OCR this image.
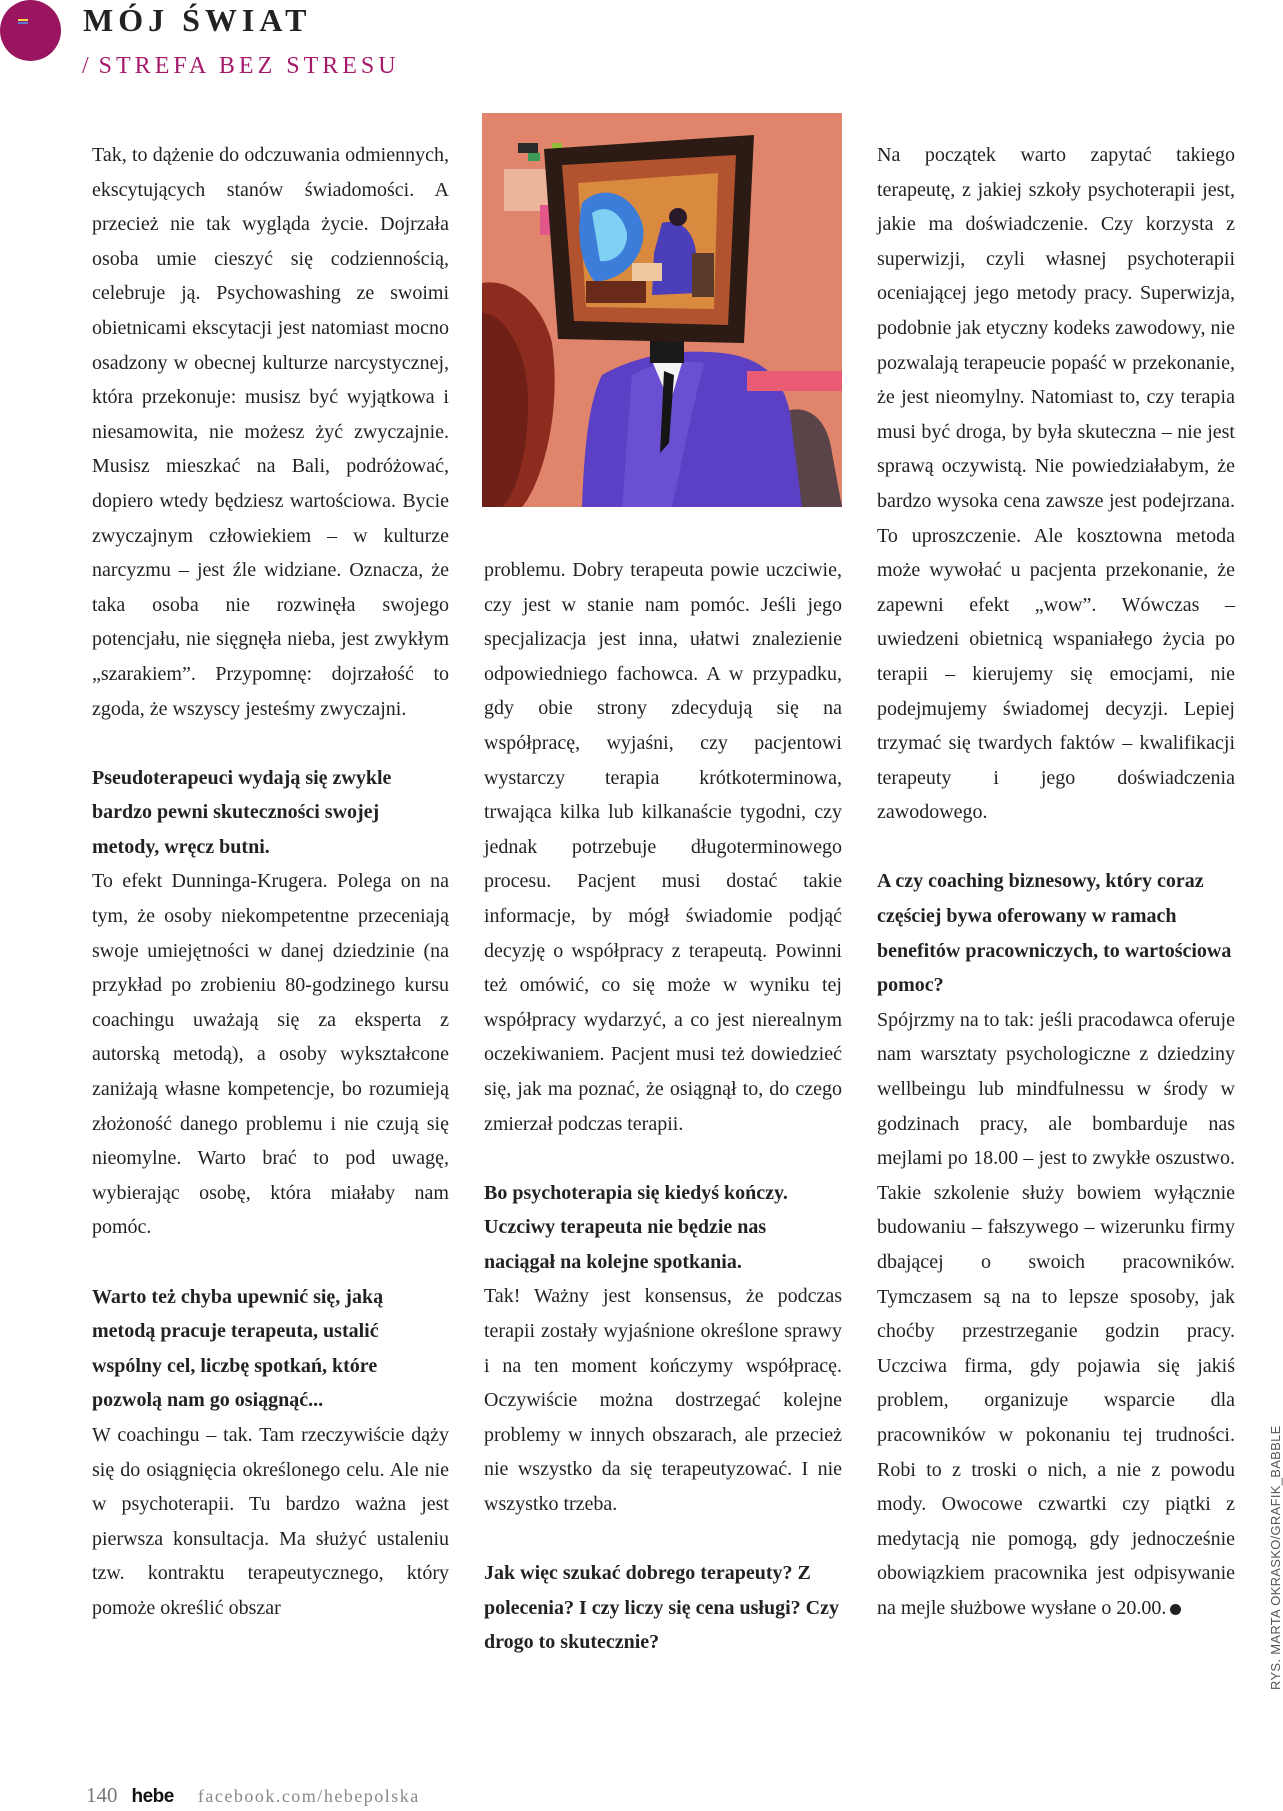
MÓJ ŚWIAT
/ STREFA BEZ STRESU

Tak, to dążenie do odczuwania odmiennych, ekscytujących stanów świadomości. A przecież nie tak wygląda życie. Dojrzała osoba umie cieszyć się codziennością, celebruje ją. Psychowashing ze swoimi obietnicami ekscytacji jest natomiast mocno osadzony w obecnej kulturze narcystycznej, która przekonuje: musisz być wyjątkowa i niesamowita, nie możesz żyć zwyczajnie. Musisz mieszkać na Bali, podróżować, dopiero wtedy będziesz wartościowa. Bycie zwyczajnym człowiekiem – w kulturze narcyzmu – jest źle widziane. Oznacza, że taka osoba nie rozwinęła swojego potencjału, nie sięgnęła nieba, jest zwykłym „szarakiem”. Przypomnę: dojrzałość to zgoda, że wszyscy jesteśmy zwyczajni.

Pseudoterapeuci wydają się zwykle bardzo pewni skuteczności swojej metody, wręcz butni.

To efekt Dunninga-Krugera. Polega on na tym, że osoby niekompetentne przeceniają swoje umiejętności w danej dziedzinie (na przykład po zrobieniu 80-godzinego kursu coachingu uważają się za eksperta z autorską metodą), a osoby wykształcone zaniżają własne kompetencje, bo rozumieją złożoność danego problemu i nie czują się nieomylne. Warto brać to pod uwagę, wybierając osobę, która miałaby nam pomóc.

Warto też chyba upewnić się, jaką metodą pracuje terapeuta, ustalić wspólny cel, liczbę spotkań, które pozwolą nam go osiągnąć...

W coachingu – tak. Tam rzeczywiście dąży się do osiągnięcia określonego celu. Ale nie w psychoterapii. Tu bardzo ważna jest pierwsza konsultacja. Ma służyć ustaleniu tzw. kontraktu terapeutycznego, który pomoże określić obszar

problemu. Dobry terapeuta powie uczciwie, czy jest w stanie nam pomóc. Jeśli jego specjalizacja jest inna, ułatwi znalezienie odpowiedniego fachowca. A w przypadku, gdy obie strony zdecydują się na współpracę, wyjaśni, czy pacjentowi wystarczy terapia krótkoterminowa, trwająca kilka lub kilkanaście tygodni, czy jednak potrzebuje długoterminowego procesu. Pacjent musi dostać takie informacje, by mógł świadomie podjąć decyzję o współpracy z terapeutą. Powinni też omówić, co się może w wyniku tej współpracy wydarzyć, a co jest nierealnym oczekiwaniem. Pacjent musi też dowiedzieć się, jak ma poznać, że osiągnął to, do czego zmierzał podczas terapii.

Bo psychoterapia się kiedyś kończy. Uczciwy terapeuta nie będzie nas naciągał na kolejne spotkania.

Tak! Ważny jest konsensus, że podczas terapii zostały wyjaśnione określone sprawy i na ten moment kończymy współpracę. Oczywiście można dostrzegać kolejne problemy w innych obszarach, ale przecież nie wszystko da się terapeutyzować. I nie wszystko trzeba.

Jak więc szukać dobrego terapeuty? Z polecenia? I czy liczy się cena usługi? Czy drogo to skutecznie?

Na początek warto zapytać takiego terapeutę, z jakiej szkoły psychoterapii jest, jakie ma doświadczenie. Czy korzysta z superwizji, czyli własnej psychoterapii oceniającej jego metody pracy. Superwizja, podobnie jak etyczny kodeks zawodowy, nie pozwalają terapeucie popaść w przekonanie, że jest nieomylny. Natomiast to, czy terapia musi być droga, by była skuteczna – nie jest sprawą oczywistą. Nie powiedziałabym, że bardzo wysoka cena zawsze jest podejrzana. To uproszczenie. Ale kosztowna metoda może wywołać u pacjenta przekonanie, że zapewni efekt „wow”. Wówczas – uwiedzeni obietnicą wspaniałego życia po terapii – kierujemy się emocjami, nie podejmujemy świadomej decyzji. Lepiej trzymać się twardych faktów – kwalifikacji terapeuty i jego doświadczenia zawodowego.

A czy coaching biznesowy, który coraz częściej bywa oferowany w ramach benefitów pracowniczych, to wartościowa pomoc?

Spójrzmy na to tak: jeśli pracodawca oferuje nam warsztaty psychologiczne z dziedziny wellbeingu lub mindfulnessu w środy w godzinach pracy, ale bombarduje nas mejlami po 18.00 – jest to zwykłe oszustwo. Takie szkolenie służy bowiem wyłącznie budowaniu – fałszywego – wizerunku firmy dbającej o swoich pracowników. Tymczasem są na to lepsze sposoby, jak choćby przestrzeganie godzin pracy. Uczciwa firma, gdy pojawia się jakiś problem, organizuje wsparcie dla pracowników w pokonaniu tej trudności. Robi to z troski o nich, a nie z powodu mody. Owocowe czwartki czy piątki z medytacją nie pomogą, gdy jednocześnie obowiązkiem pracownika jest odpisywanie na mejle służbowe wysłane o 20.00.	RYS. MARTA OKRASKO/GRAFIK_BABBLE
140 hebe facebook.com/hebepolska
